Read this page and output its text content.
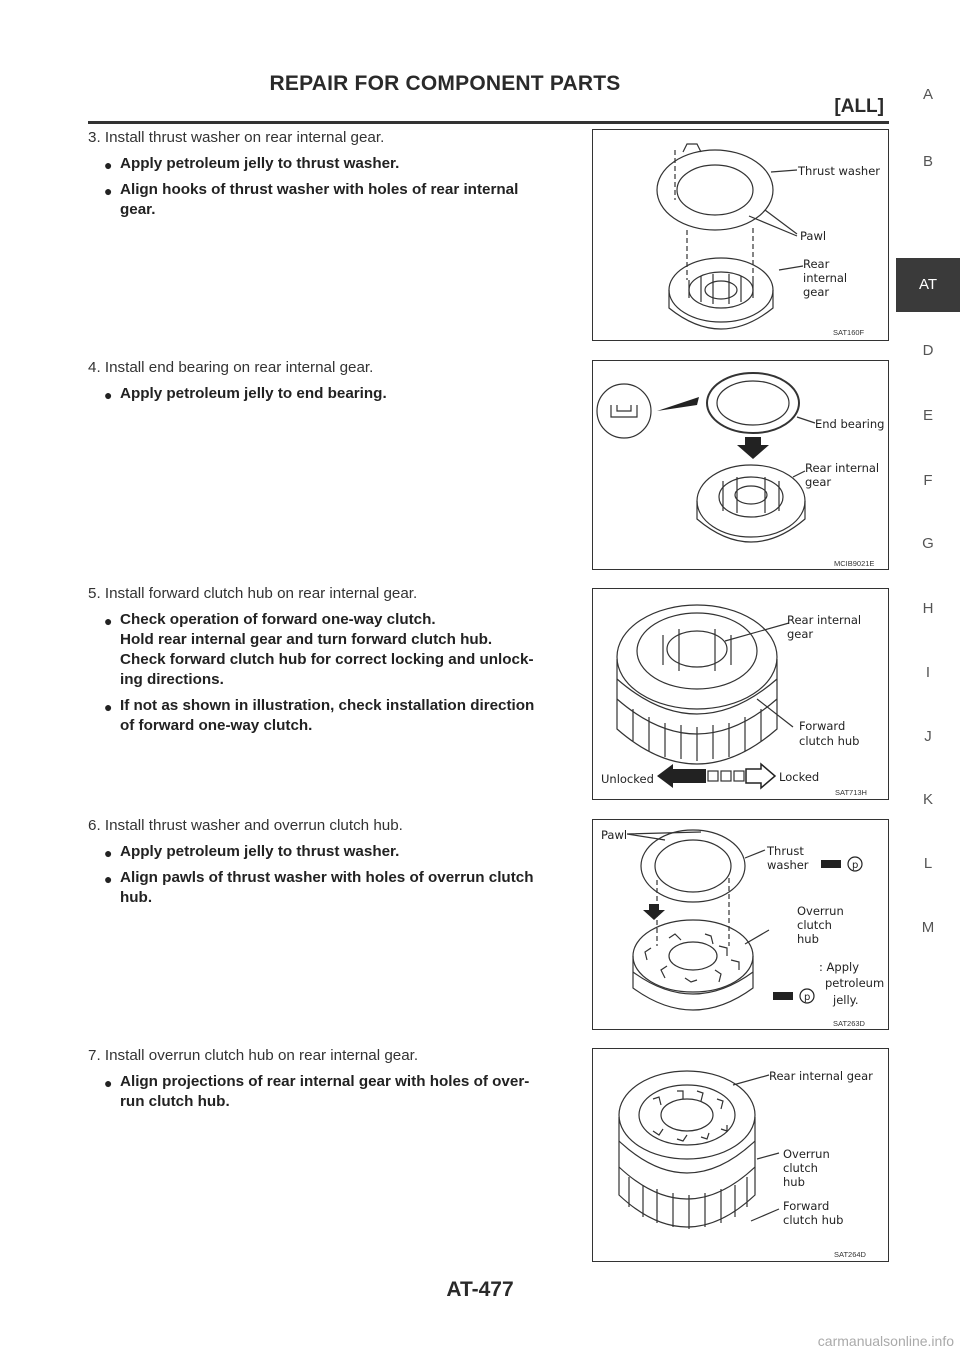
REPAIR FOR COMPONENT PARTS
[ALL]
A
B
AT
D
E
F
G
H
I
J
K
L
M
3. Install thrust washer on rear internal gear.
● Apply petroleum jelly to thrust washer.
● Align hooks of thrust washer with holes of rear internal
gear.
Thrust washer
Pawl
Rear
internal
gear
SAT160F
4. Install end bearing on rear internal gear.
● Apply petroleum jelly to end bearing.
End bearing
Rear internal
gear
MCIB9021E
5. Install forward clutch hub on rear internal gear.
● Check operation of forward one-way clutch.
Hold rear internal gear and turn forward clutch hub.
Check forward clutch hub for correct locking and unlock-
ing directions.
● If not as shown in illustration, check installation direction
of forward one-way clutch.
Rear internal gear
Forward
clutch hub
Unlocked	Locked
SAT713H
6. Install thrust washer and overrun clutch hub.
● Apply petroleum jelly to thrust washer.
● Align pawls of thrust washer with holes of overrun clutch
hub.
p
p
Pawl
Thrust
washer
Overrun
clutch
hub
: Apply
petroleum
jelly.
SAT263D
7. Install overrun clutch hub on rear internal gear.
● Align projections of rear internal gear with holes of over-
run clutch hub.
Rear internal gear
Overrun
clutch
hub
Forward
clutch hub
SAT264D
AT-477
carmanualsonline.info
